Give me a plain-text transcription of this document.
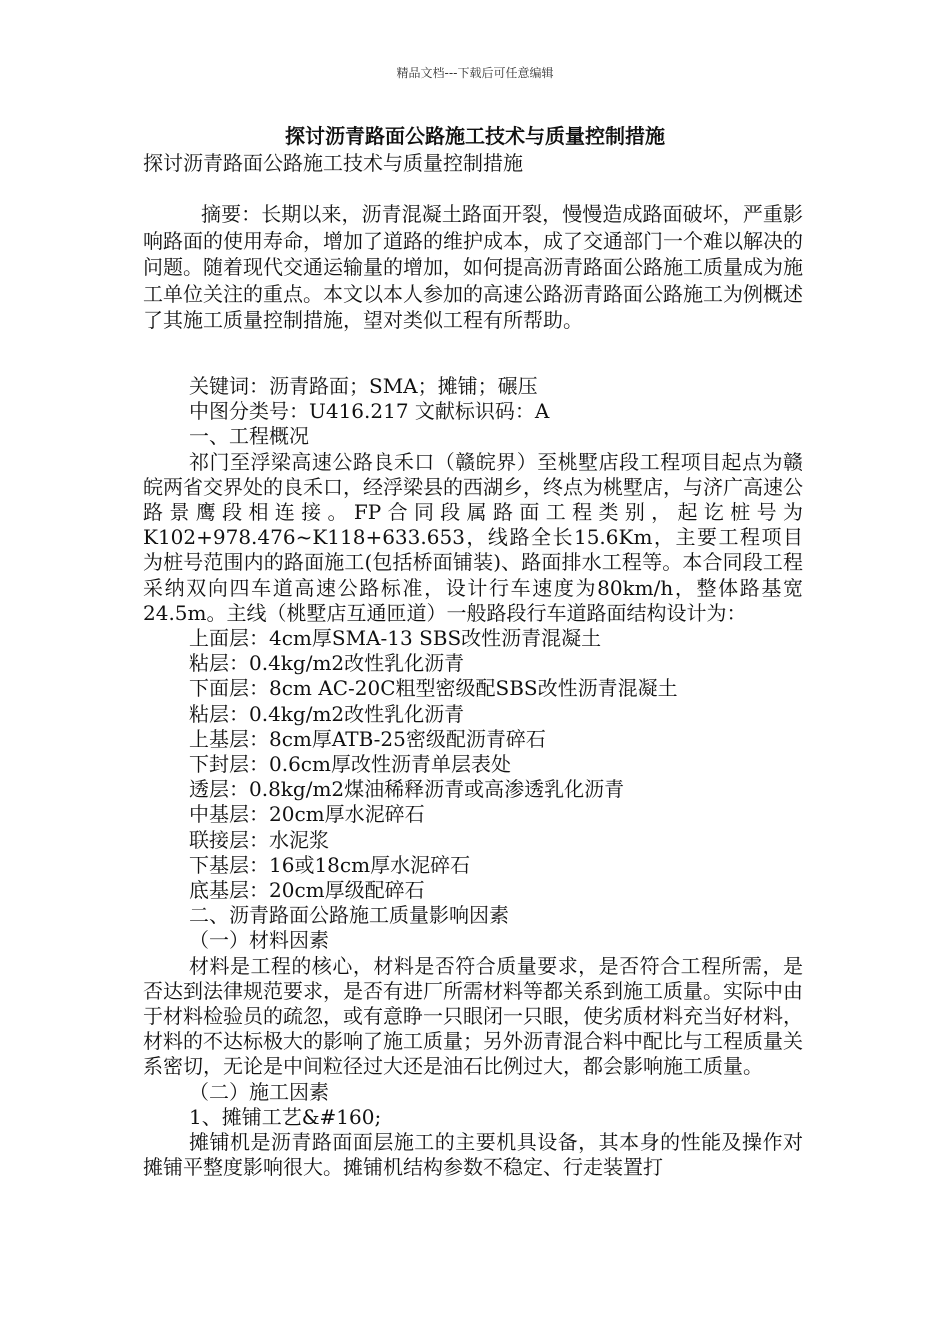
精品文档---下载后可任意编辑
探讨沥青路面公路施工技术与质量控制措施
探讨沥青路面公路施工技术与质量控制措施
摘要：长期以来，沥青混凝土路面开裂，慢慢造成路面破坏，严重影响路面的使用寿命，增加了道路的维护成本，成了交通部门一个难以解决的问题。随着现代交通运输量的增加，如何提高沥青路面公路施工质量成为施工单位关注的重点。本文以本人参加的高速公路沥青路面公路施工为例概述了其施工质量控制措施，望对类似工程有所帮助。

关键词：沥青路面；SMA；摊铺；碾压

中图分类号：U416.217 文献标识码：A

一、工程概况

祁门至浮梁高速公路良禾口（赣皖界）至桃墅店段工程项目起点为赣皖两省交界处的良禾口，经浮梁县的西湖乡，终点为桃墅店，与济广高速公路景鹰段相连接。FP合同段属路面工程类别，起讫桩号为K102+978.476~K118+633.653，线路全长15.6Km，主要工程项目为桩号范围内的路面施工(包括桥面铺装)、路面排水工程等。本合同段工程采纳双向四车道高速公路标准，设计行车速度为80km/h，整体路基宽24.5m。主线（桃墅店互通匝道）一般路段行车道路面结构设计为：

上面层：4cm厚SMA-13 SBS改性沥青混凝土

粘层：0.4kg/m2改性乳化沥青

下面层：8cm AC-20C粗型密级配SBS改性沥青混凝土

粘层：0.4kg/m2改性乳化沥青

上基层：8cm厚ATB-25密级配沥青碎石

下封层：0.6cm厚改性沥青单层表处

透层：0.8kg/m2煤油稀释沥青或高渗透乳化沥青

中基层：20cm厚水泥碎石

联接层：水泥浆

下基层：16或18cm厚水泥碎石

底基层：20cm厚级配碎石

二、沥青路面公路施工质量影响因素

（一）材料因素

材料是工程的核心，材料是否符合质量要求，是否符合工程所需，是否达到法律规范要求，是否有进厂所需材料等都关系到施工质量。实际中由于材料检验员的疏忽，或有意睁一只眼闭一只眼，使劣质材料充当好材料，材料的不达标极大的影响了施工质量；另外沥青混合料中配比与工程质量关系密切，无论是中间粒径过大还是油石比例过大，都会影响施工质量。

（二）施工因素

1、摊铺工艺&#160;

摊铺机是沥青路面面层施工的主要机具设备，其本身的性能及操作对摊铺平整度影响很大。摊铺机结构参数不稳定、行走装置打
